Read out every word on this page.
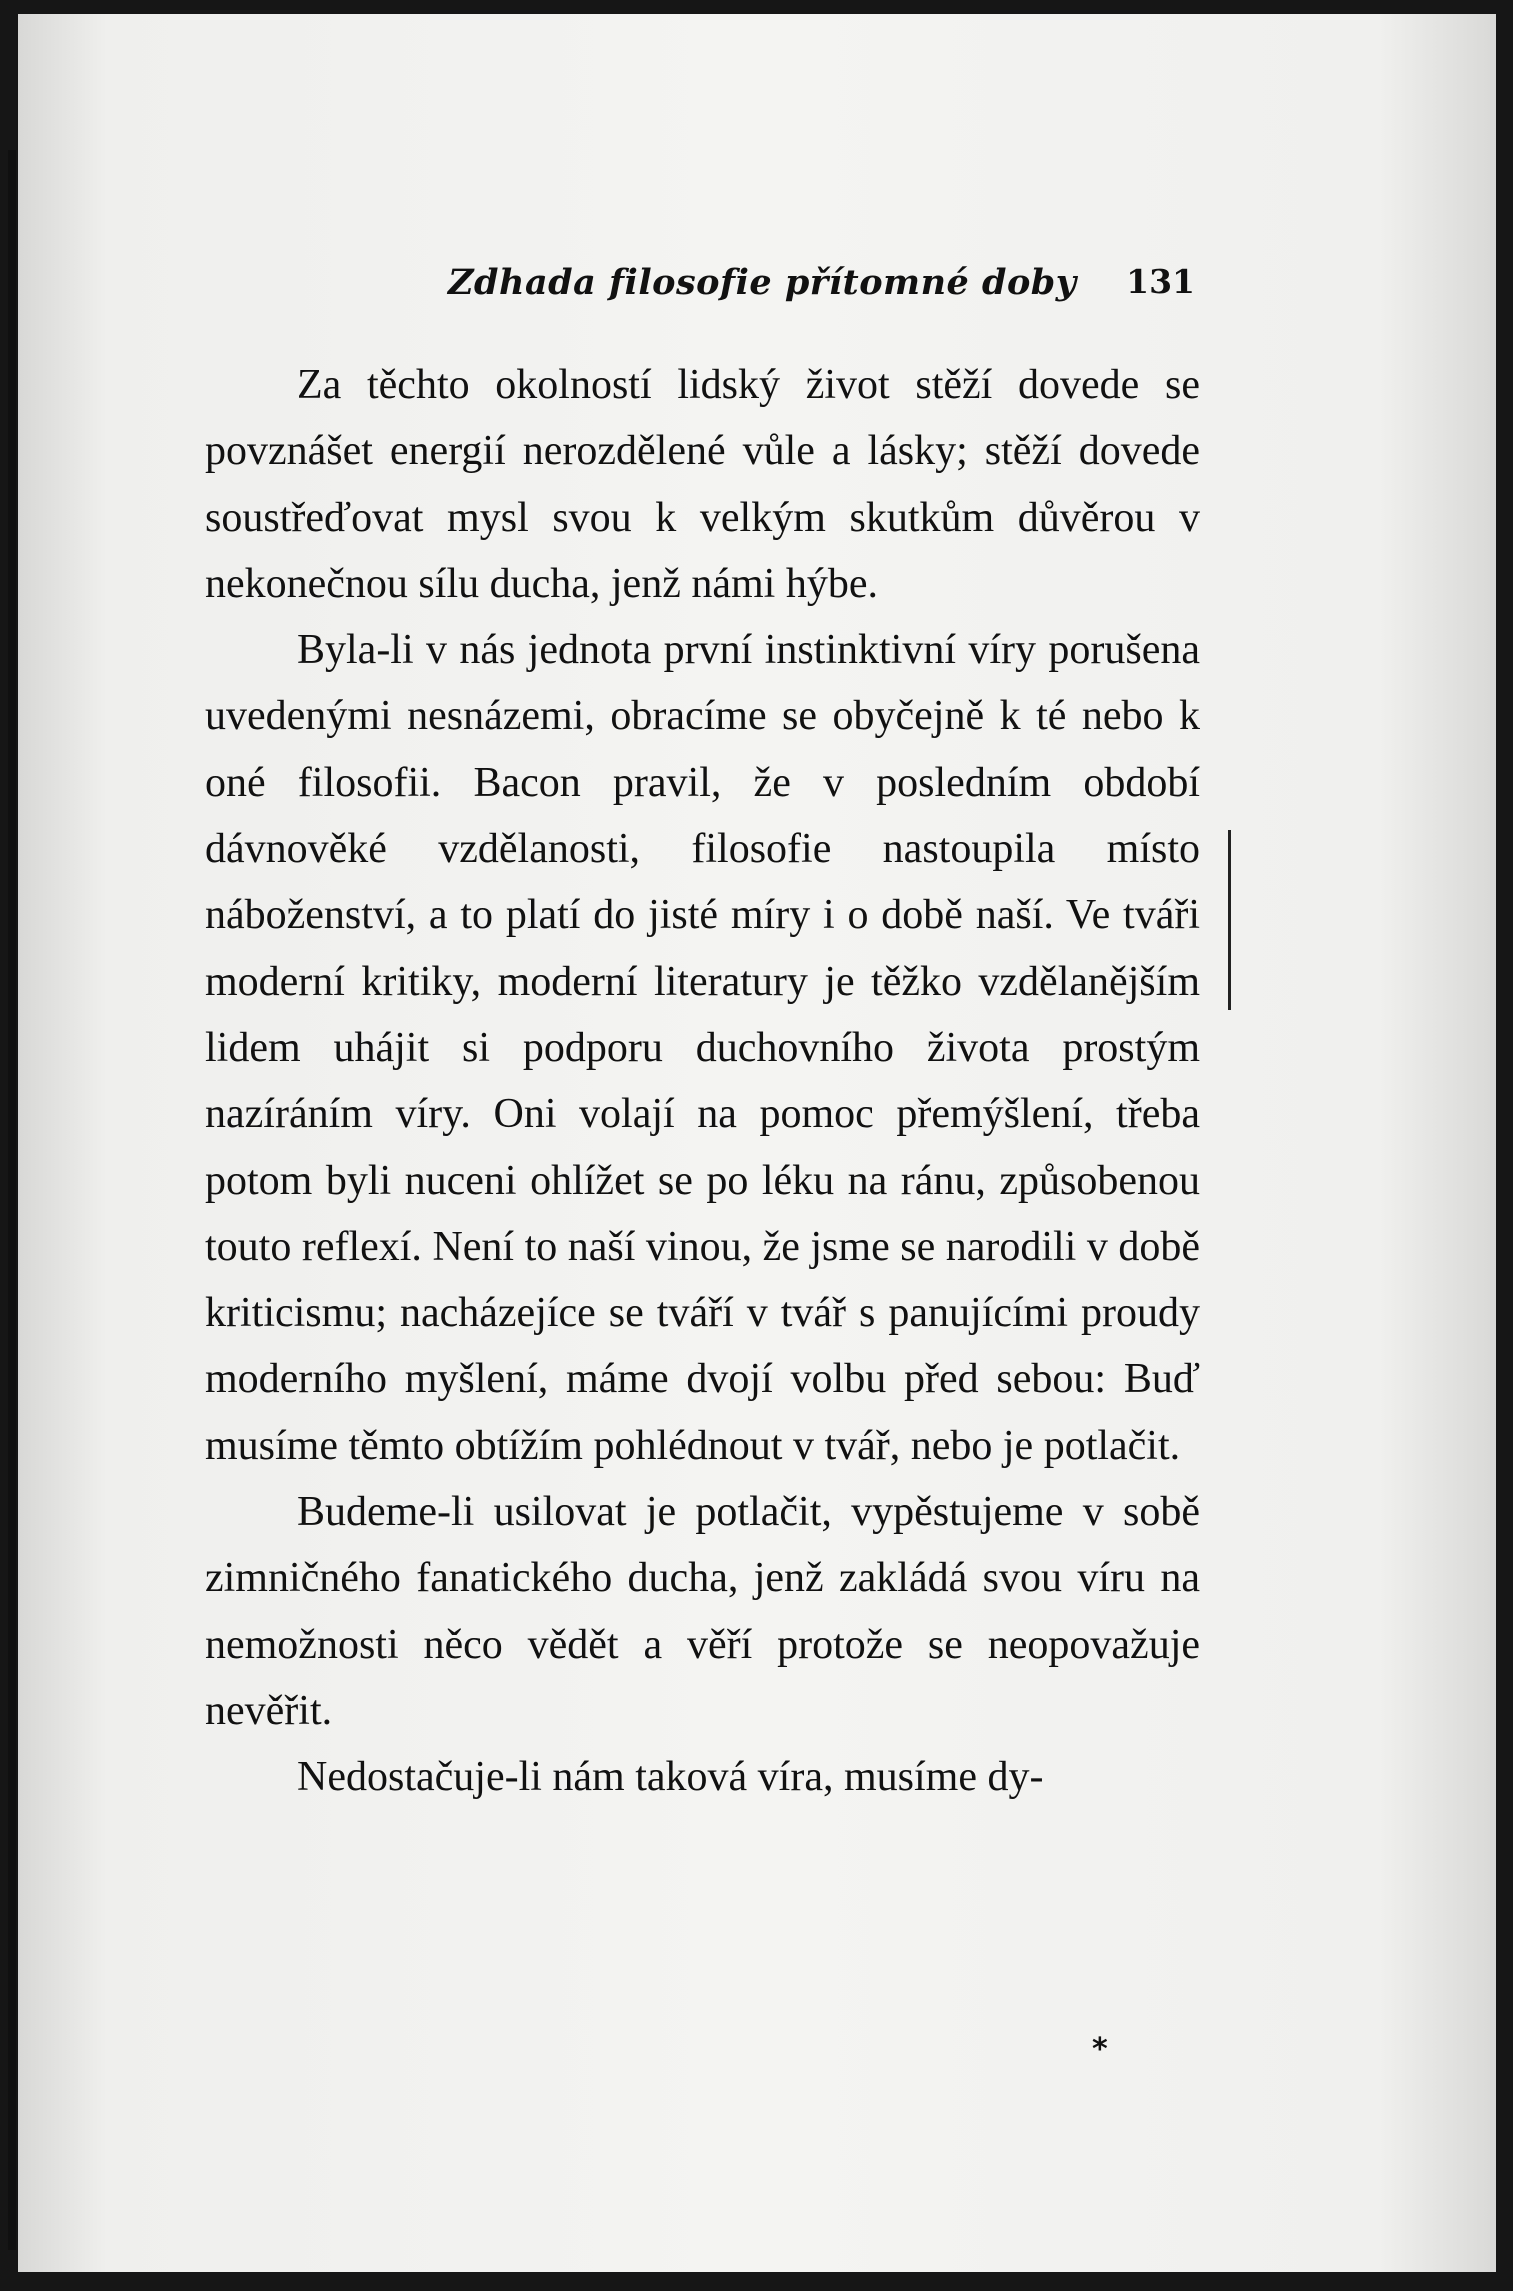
Zdhada filosofie přítomné doby 131

Za těchto okolností lidský život stěží dovede se povznášet energií nerozdělené vůle a lásky; stěží dovede soustřeďovat mysl svou k velkým skutkům důvěrou v nekonečnou sílu ducha, jenž námi hýbe.

Byla-li v nás jednota první instinktivní víry porušena uvedenými nesnázemi, obracíme se obyčejně k té nebo k oné filosofii. Bacon pravil, že v posledním období dávnověké vzdělanosti, filosofie nastoupila místo náboženství, a to platí do jisté míry i o době naší. Ve tváři moderní kritiky, moderní literatury je těžko vzdělanějším lidem uhájit si podporu duchovního života prostým nazíráním víry. Oni volají na pomoc přemýšlení, třeba potom byli nuceni ohlížet se po léku na ránu, způsobenou touto reflexí. Není to naší vinou, že jsme se narodili v době kriticismu; nacházejíce se tváří v tvář s panujícími proudy moderního myšlení, máme dvojí volbu před sebou: Buď musíme těmto obtížím pohlédnout v tvář, nebo je potlačit.

Budeme-li usilovat je potlačit, vypěstujeme v sobě zimničného fanatického ducha, jenž zakládá svou víru na nemožnosti něco vědět a věří protože se neopovažuje nevěřit.

Nedostačuje-li nám taková víra, musíme dy-

*
